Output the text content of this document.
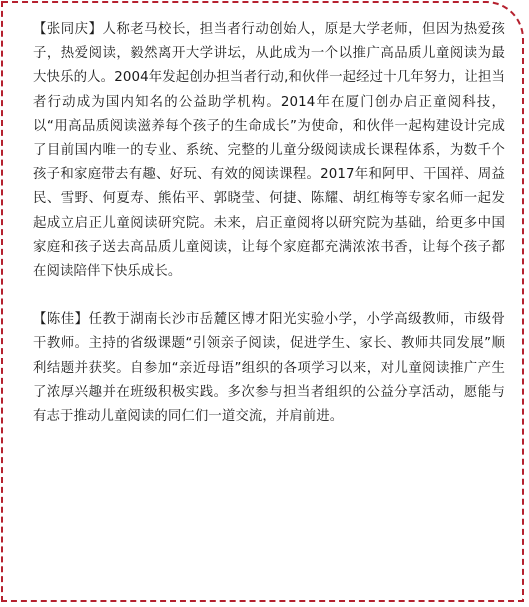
【张同庆】人称老马校长，担当者行动创始人，原是大学老师，但因为热爱孩子，热爱阅读，毅然离开大学讲坛，从此成为一个以推广高品质儿童阅读为最大快乐的人。2004年发起创办担当者行动,和伙伴一起经过十几年努力，让担当者行动成为国内知名的公益助学机构。2014年在厦门创办启正童阅科技，以“用高品质阅读滋养每个孩子的生命成长”为使命，和伙伴一起构建设计完成了目前国内唯一的专业、系统、完整的儿童分级阅读成长课程体系，为数千个孩子和家庭带去有趣、好玩、有效的阅读课程。2017年和阿甲、干国祥、周益民、雪野、何夏寿、熊佑平、郭晓莹、何捷、陈耀、胡红梅等专家名师一起发起成立启正儿童阅读研究院。未来，启正童阅将以研究院为基础，给更多中国家庭和孩子送去高品质儿童阅读，让每个家庭都充满浓浓书香，让每个孩子都在阅读陪伴下快乐成长。

【陈佳】任教于湖南长沙市岳麓区博才阳光实验小学，小学高级教师，市级骨干教师。主持的省级课题“引领亲子阅读，促进学生、家长、教师共同发展”顺利结题并获奖。自参加“亲近母语”组织的各项学习以来，对儿童阅读推广产生了浓厚兴趣并在班级积极实践。多次参与担当者组织的公益分享活动，愿能与有志于推动儿童阅读的同仁们一道交流，并肩前进。
